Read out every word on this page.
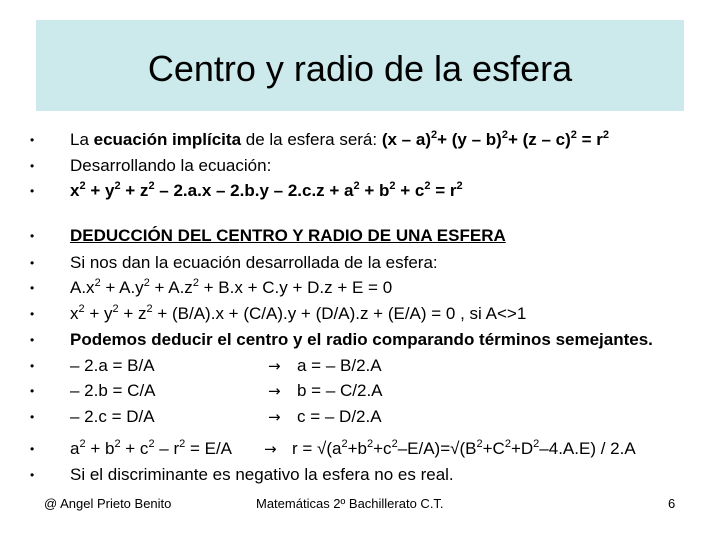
Centro y radio de la esfera
• La ecuación implícita de la esfera será: $(x - a)^2+ (y - b)^2+ (z - c)^2 = r^2$
• Desarrollando la ecuación:
• $x^2 + y^2 + z^2 - 2.a.x - 2.b.y - 2.c.z + a^2 + b^2 + c^2 = r^2$
• DEDUCCIÓN DEL CENTRO Y RADIO DE UNA ESFERA
• Si nos dan la ecuación desarrollada de la esfera:
• $A.x^2 + A.y^2 + A.z^2 + B.x + C.y + D.z + E = 0$
• $x^2 + y^2 + z^2 + (B/A).x + (C/A).y + (D/A).z + (E/A) = 0$ , si A<>1
• Podemos deducir el centro y el radio comparando términos semejantes.
• – 2.a = B/A	→ a = – B/2.A
• – 2.b = C/A	→ b = – C/2.A
• – 2.c = D/A	→ c = – D/2.A
• $a^2 + b^2 + c^2 - r^2 = E/A \to r = √(a^2+b^2+c^2-E/A)=√(B^2+C^2+D^2-4.A.E) / 2.A$
• Si el discriminante es negativo la esfera no es real.
@ Angel Prieto Benito	Matemáticas 2º Bachillerato C.T.	6
